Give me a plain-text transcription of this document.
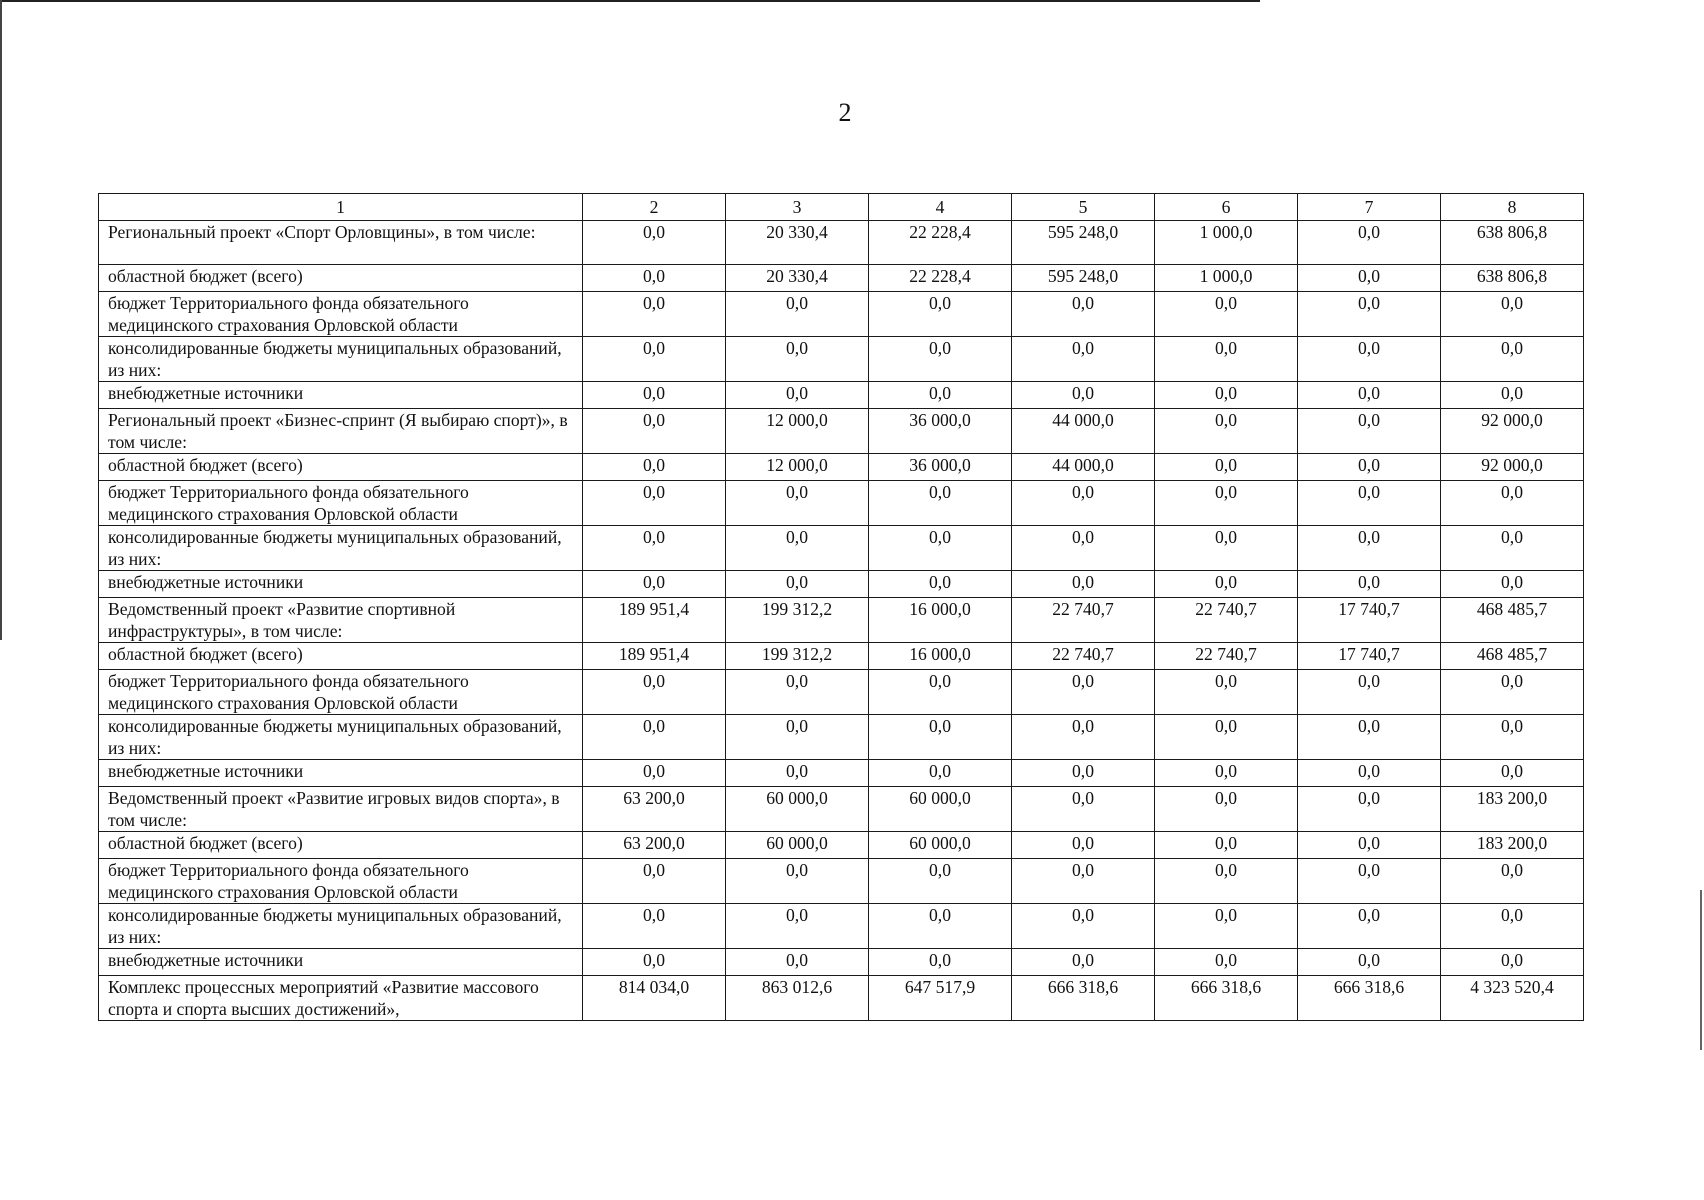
2
1	2	3	4	5	6	7	8
Региональный проект «Спорт Орловщины», в том числе:	0,0	20 330,4	22 228,4	595 248,0	1 000,0	0,0	638 806,8
областной бюджет (всего)	0,0	20 330,4	22 228,4	595 248,0	1 000,0	0,0	638 806,8
бюджет Территориального фонда обязательного медицинского страхования Орловской области	0,0	0,0	0,0	0,0	0,0	0,0	0,0
консолидированные бюджеты муниципальных образований, из них:	0,0	0,0	0,0	0,0	0,0	0,0	0,0
внебюджетные источники	0,0	0,0	0,0	0,0	0,0	0,0	0,0
Региональный проект «Бизнес-спринт (Я выбираю спорт)», в том числе:	0,0	12 000,0	36 000,0	44 000,0	0,0	0,0	92 000,0
областной бюджет (всего)	0,0	12 000,0	36 000,0	44 000,0	0,0	0,0	92 000,0
бюджет Территориального фонда обязательного медицинского страхования Орловской области	0,0	0,0	0,0	0,0	0,0	0,0	0,0
консолидированные бюджеты муниципальных образований, из них:	0,0	0,0	0,0	0,0	0,0	0,0	0,0
внебюджетные источники	0,0	0,0	0,0	0,0	0,0	0,0	0,0
Ведомственный проект «Развитие спортивной инфраструктуры», в том числе:	189 951,4	199 312,2	16 000,0	22 740,7	22 740,7	17 740,7	468 485,7
областной бюджет (всего)	189 951,4	199 312,2	16 000,0	22 740,7	22 740,7	17 740,7	468 485,7
бюджет Территориального фонда обязательного медицинского страхования Орловской области	0,0	0,0	0,0	0,0	0,0	0,0	0,0
консолидированные бюджеты муниципальных образований, из них:	0,0	0,0	0,0	0,0	0,0	0,0	0,0
внебюджетные источники	0,0	0,0	0,0	0,0	0,0	0,0	0,0
Ведомственный проект «Развитие игровых видов спорта», в том числе:	63 200,0	60 000,0	60 000,0	0,0	0,0	0,0	183 200,0
областной бюджет (всего)	63 200,0	60 000,0	60 000,0	0,0	0,0	0,0	183 200,0
бюджет Территориального фонда обязательного медицинского страхования Орловской области	0,0	0,0	0,0	0,0	0,0	0,0	0,0
консолидированные бюджеты муниципальных образований, из них:	0,0	0,0	0,0	0,0	0,0	0,0	0,0
внебюджетные источники	0,0	0,0	0,0	0,0	0,0	0,0	0,0
Комплекс процессных мероприятий «Развитие массового спорта и спорта высших достижений»,	814 034,0	863 012,6	647 517,9	666 318,6	666 318,6	666 318,6	4 323 520,4
